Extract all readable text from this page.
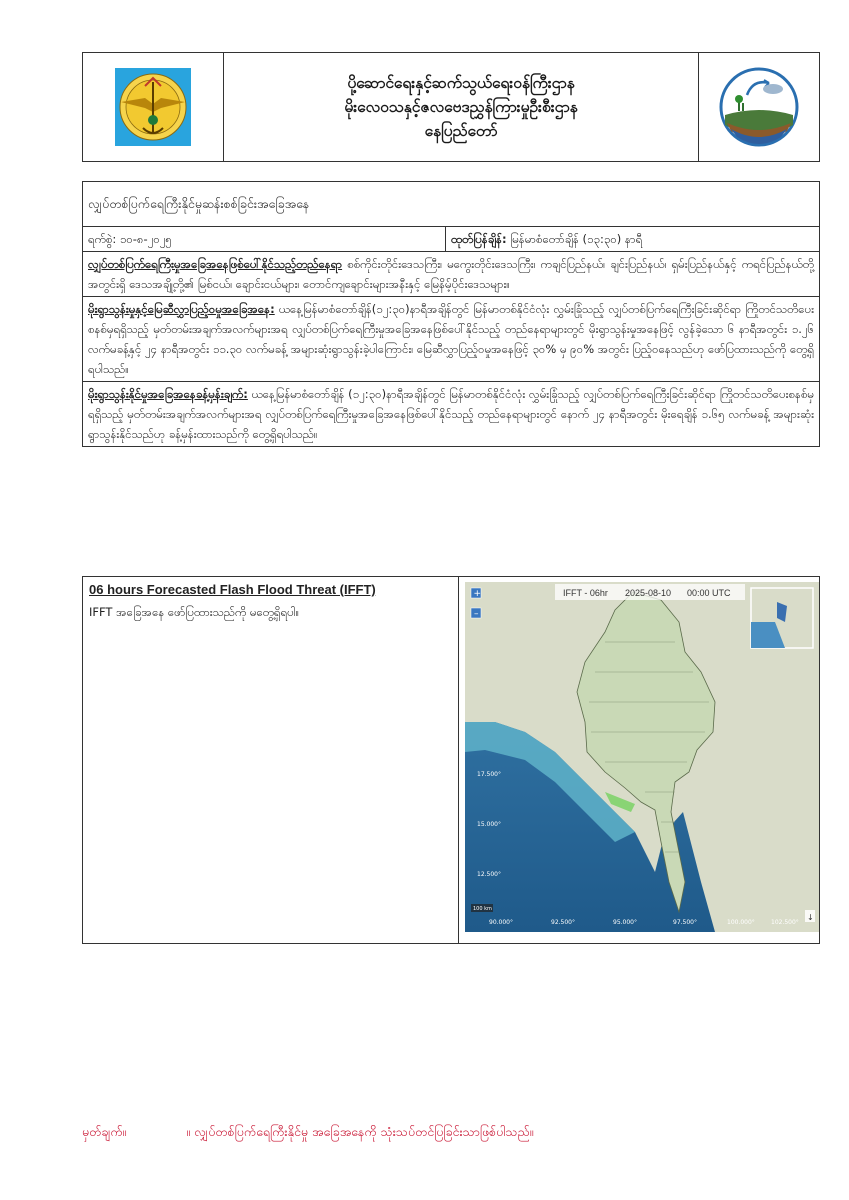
ပို့ဆောင်ရေးနှင့်ဆက်သွယ်ရေးဝန်ကြီးဌာန
မိုးလေဝသနှင့်ဇလဗေဒညွှန်ကြားမှုဦးစီးဌာန
နေပြည်တော်

လျှပ်တစ်ပြက်ရေကြီးနိုင်မှုဆန်းစစ်ခြင်းအခြေအနေ
ရက်စွဲ: ၁၀-၈-၂၀၂၅	ထုတ်ပြန်ချိန်: မြန်မာစံတော်ချိန် (၁၃:၃၀) နာရီ
လျှပ်တစ်ပြက်ရေကြီးမှုအခြေအနေဖြစ်ပေါ်နိုင်သည့်တည်နေရာ စစ်ကိုင်းတိုင်းဒေသကြီး၊ မကွေးတိုင်းဒေသကြီး၊ ကချင်ပြည်နယ်၊ ချင်းပြည်နယ်၊ ရှမ်းပြည်နယ်နှင့် ကရင်ပြည်နယ်တို့အတွင်းရှိ ဒေသအချို့တို့၏ မြစ်ငယ်၊ ချောင်းငယ်များ၊ တောင်ကျချောင်းများအနီးနှင့် မြေနိမ့်ပိုင်းဒေသများ။
မိုးရွာသွန်းမှုနှင့်မြေဆီလွှာပြည့်ဝမှုအခြေအနေ: ယနေ့မြန်မာစံတော်ချိန်(၁၂:၃၀)နာရီအချိန်တွင် မြန်မာတစ်နိုင်ငံလုံး လွှမ်းခြုံသည့် လျှပ်တစ်ပြက်ရေကြီးခြင်းဆိုင်ရာ ကြိုတင်သတိပေးစနစ်မှရရှိသည့် မှတ်တမ်းအချက်အလက်များအရ လျှပ်တစ်ပြက်ရေကြီးမှုအခြေအနေဖြစ်ပေါ်နိုင်သည့် တည်နေရာများတွင် မိုးရွာသွန်းမှုအနေဖြင့် လွန်ခဲ့သော ၆ နာရီအတွင်း ၁.၂၆ လက်မခန့်နှင့် ၂၄ နာရီအတွင်း ၁၁.၃၀ လက်မခန့် အများဆုံးရွာသွန်းခဲ့ပါကြောင်း၊ မြေဆီလွှာပြည့်ဝမှုအနေဖြင့် ၃၀% မှ ၉၀% အတွင်း ပြည့်ဝနေသည်ဟု ဖော်ပြထားသည်ကို တွေ့ရှိရပါသည်။
မိုးရွာသွန်းနိုင်မှုအခြေအနေခန့်မှန်းချက်: ယနေ့မြန်မာစံတော်ချိန် (၁၂:၃၀)နာရီအချိန်တွင် မြန်မာတစ်နိုင်ငံလုံး လွှမ်းခြုံသည့် လျှပ်တစ်ပြက်ရေကြီးခြင်းဆိုင်ရာ ကြိုတင်သတိပေးစနစ်မှရရှိသည့် မှတ်တမ်းအချက်အလက်များအရ လျှပ်တစ်ပြက်ရေကြီးမှုအခြေအနေဖြစ်ပေါ်နိုင်သည့် တည်နေရာများတွင် နောက် ၂၄ နာရီအတွင်း မိုးရေချိန် ၁.၆၅ လက်မခန့် အများဆုံး ရွာသွန်းနိုင်သည်ဟု ခန့်မှန်းထားသည်ကို တွေ့ရှိရပါသည်။
06 hours Forecasted Flash Flood Threat (IFFT)
IFFT အခြေအနေ ဖော်ပြထားသည်ကို မတွေ့ရှိရပါ။

IFFT - 06hr 2025-08-10 00:00 UTC
+
–
17.500°
15.000°
12.500°
90.000°	92.500°	95.000°	97.500°	100.000°	102.500°
100 km
↓
မှတ်ချက်။	။ လျှပ်တစ်ပြက်ရေကြီးနိုင်မှု အခြေအနေကို သုံးသပ်တင်ပြခြင်းသာဖြစ်ပါသည်။
